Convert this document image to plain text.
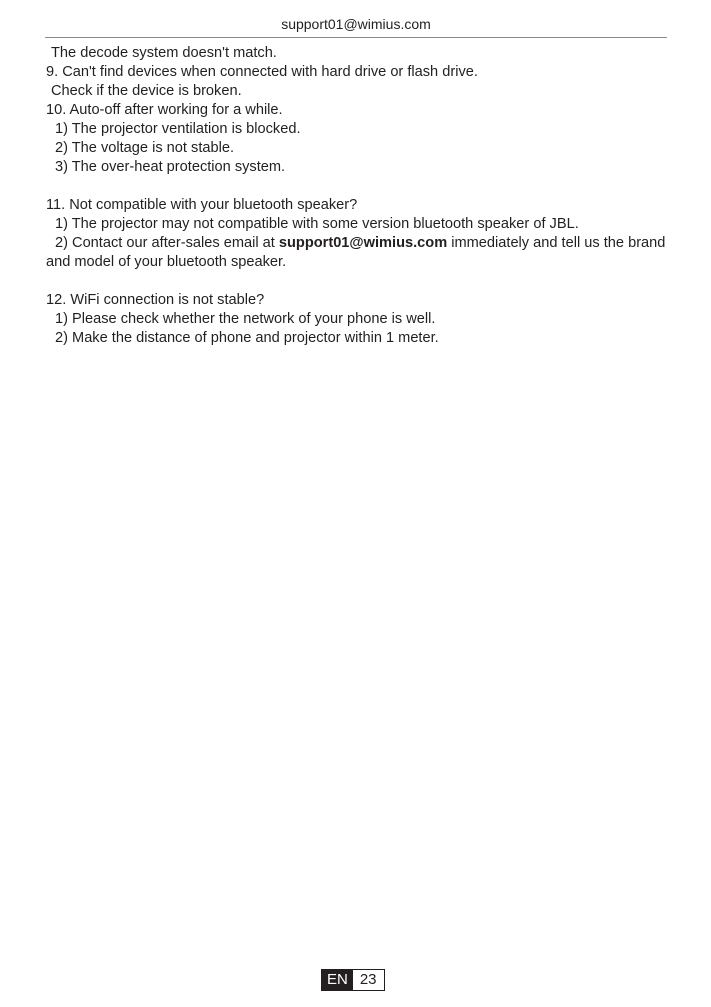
support01@wimius.com

The decode system doesn't match.

9. Can't find devices when connected with hard drive or flash drive.

Check if the device is broken.

10. Auto-off after working for a while.

1) The projector ventilation is blocked.

2) The voltage is not stable.

3) The over-heat protection system.

11. Not compatible with your bluetooth speaker?

1) The projector may not compatible with some version bluetooth speaker of JBL.

2) Contact our after-sales email at support01@wimius.com immediately and tell us the brand and model of your bluetooth speaker.

12. WiFi connection is not stable?

1) Please check whether the network of your phone is well.

2) Make the distance of phone and projector within 1 meter.

EN 23
